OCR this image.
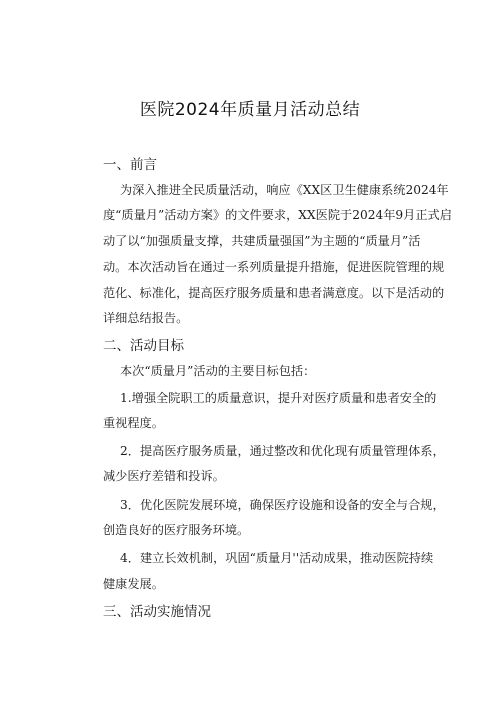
医院2024年质量月活动总结
一、前言
为深入推进全民质量活动，响应《XX区卫生健康系统2024年
度“质量月”活动方案》的文件要求，XX医院于2024年9月正式启
动了以“加强质量支撑，共建质量强国”为主题的“质量月”活
动。本次活动旨在通过一系列质量提升措施，促进医院管理的规
范化、标准化，提高医疗服务质量和患者满意度。以下是活动的
详细总结报告。
二、活动目标
本次“质量月”活动的主要目标包括：
1.增强全院职工的质量意识，提升对医疗质量和患者安全的
重视程度。
2．提高医疗服务质量，通过整改和优化现有质量管理体系，
减少医疗差错和投诉。
3．优化医院发展环境，确保医疗设施和设备的安全与合规，
创造良好的医疗服务环境。
4．建立长效机制，巩固“质量月''活动成果，推动医院持续
健康发展。
三、活动实施情况
